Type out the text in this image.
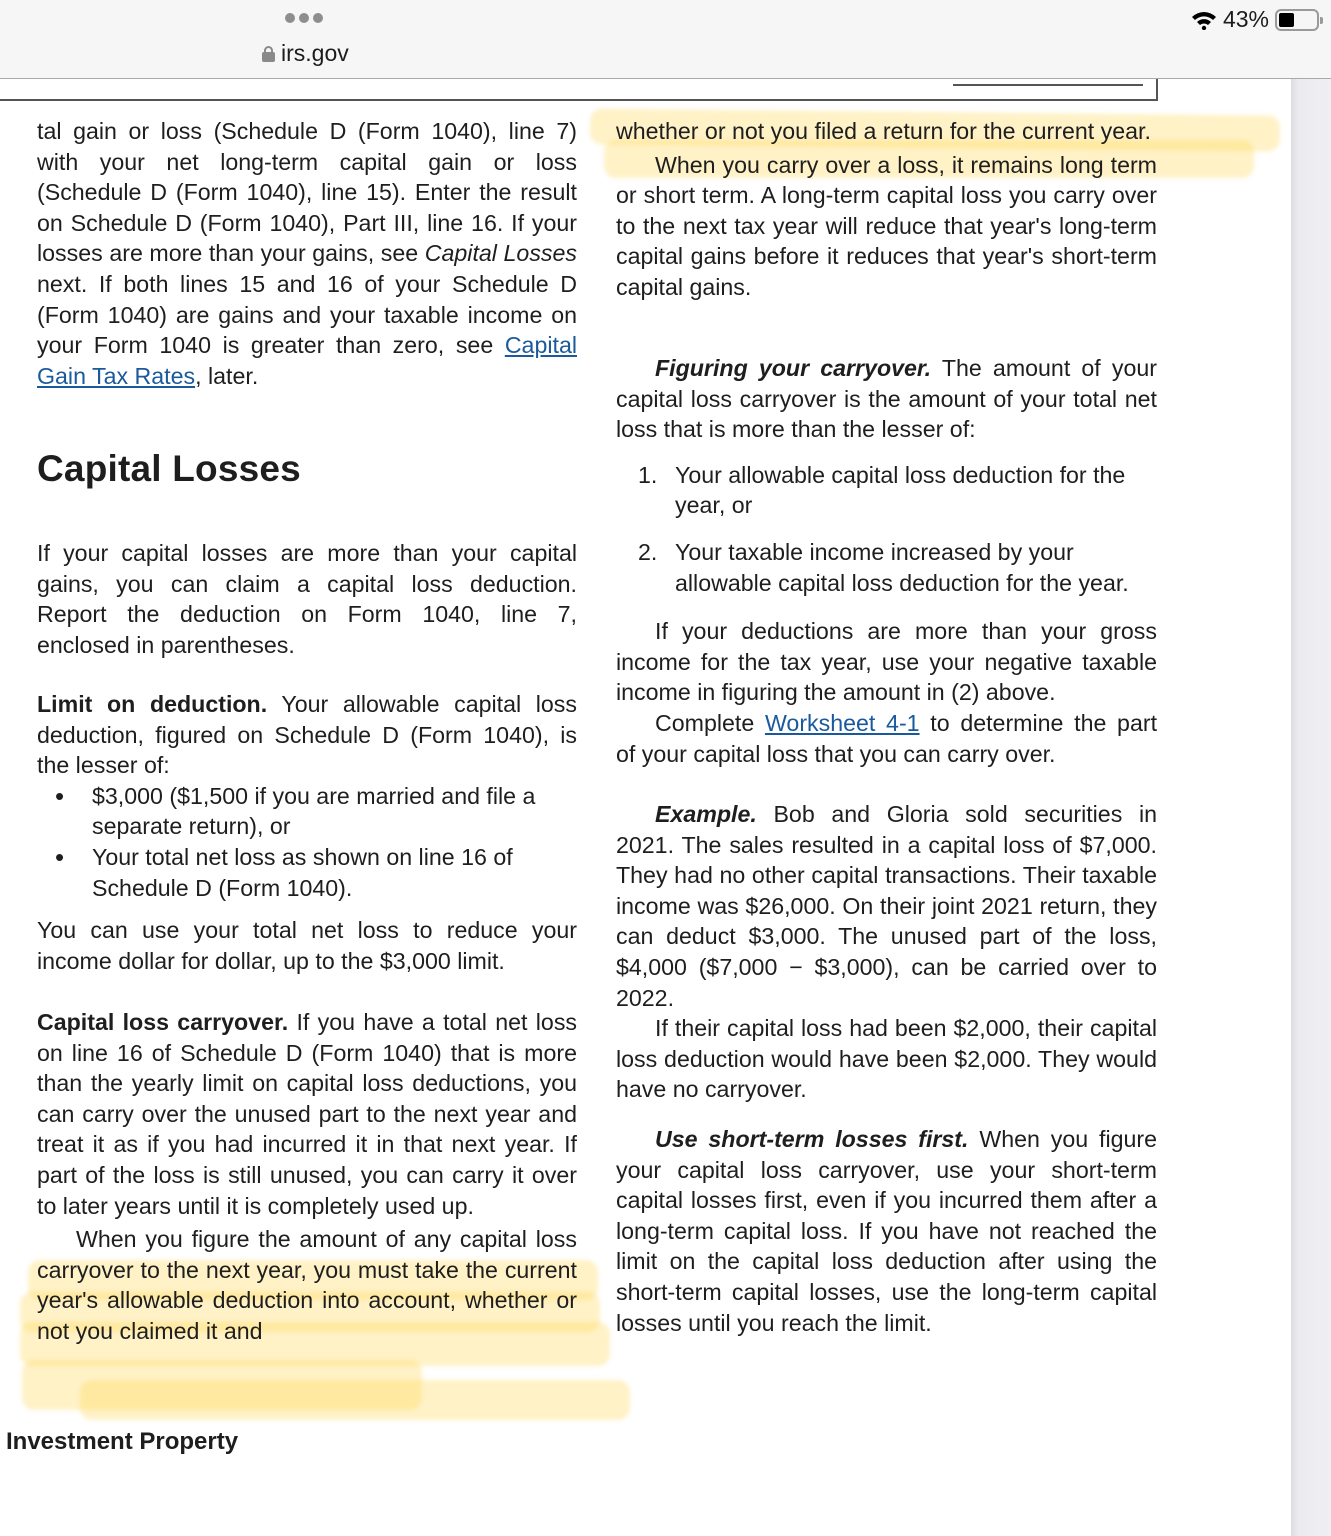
irs.gov
43%

tal gain or loss (Schedule D (Form 1040), line 7) with your net long-term capital gain or loss (Schedule D (Form 1040), line 15). Enter the result on Schedule D (Form 1040), Part III, line 16. If your losses are more than your gains, see Capital Losses next. If both lines 15 and 16 of your Schedule D (Form 1040) are gains and your taxable income on your Form 1040 is greater than zero, see Capital Gain Tax Rates, later.

Capital Losses

If your capital losses are more than your capital gains, you can claim a capital loss deduction. Report the deduction on Form 1040, line 7, enclosed in parentheses.

Limit on deduction. Your allowable capital loss deduction, figured on Schedule D (Form 1040), is the lesser of:

• $3,000 ($1,500 if you are married and file a separate return), or
• Your total net loss as shown on line 16 of Schedule D (Form 1040).

You can use your total net loss to reduce your income dollar for dollar, up to the $3,000 limit.

Capital loss carryover. If you have a total net loss on line 16 of Schedule D (Form 1040) that is more than the yearly limit on capital loss deductions, you can carry over the unused part to the next year and treat it as if you had incurred it in that next year. If part of the loss is still unused, you can carry it over to later years until it is completely used up.

When you figure the amount of any capital loss carryover to the next year, you must take the current year's allowable deduction into account, whether or not you claimed it and

whether or not you filed a return for the current year.

When you carry over a loss, it remains long term or short term. A long-term capital loss you carry over to the next tax year will reduce that year's long-term capital gains before it reduces that year's short-term capital gains.

Figuring your carryover. The amount of your capital loss carryover is the amount of your total net loss that is more than the lesser of:

1. Your allowable capital loss deduction for the year, or
2. Your taxable income increased by your allowable capital loss deduction for the year.

If your deductions are more than your gross income for the tax year, use your negative taxable income in figuring the amount in (2) above.

Complete Worksheet 4-1 to determine the part of your capital loss that you can carry over.

Example. Bob and Gloria sold securities in 2021. The sales resulted in a capital loss of $7,000. They had no other capital transactions. Their taxable income was $26,000. On their joint 2021 return, they can deduct $3,000. The unused part of the loss, $4,000 ($7,000 − $3,000), can be carried over to 2022.

If their capital loss had been $2,000, their capital loss deduction would have been $2,000. They would have no carryover.

Use short-term losses first. When you figure your capital loss carryover, use your short-term capital losses first, even if you incurred them after a long-term capital loss. If you have not reached the limit on the capital loss deduction after using the short-term capital losses, use the long-term capital losses until you reach the limit.

Investment Property
